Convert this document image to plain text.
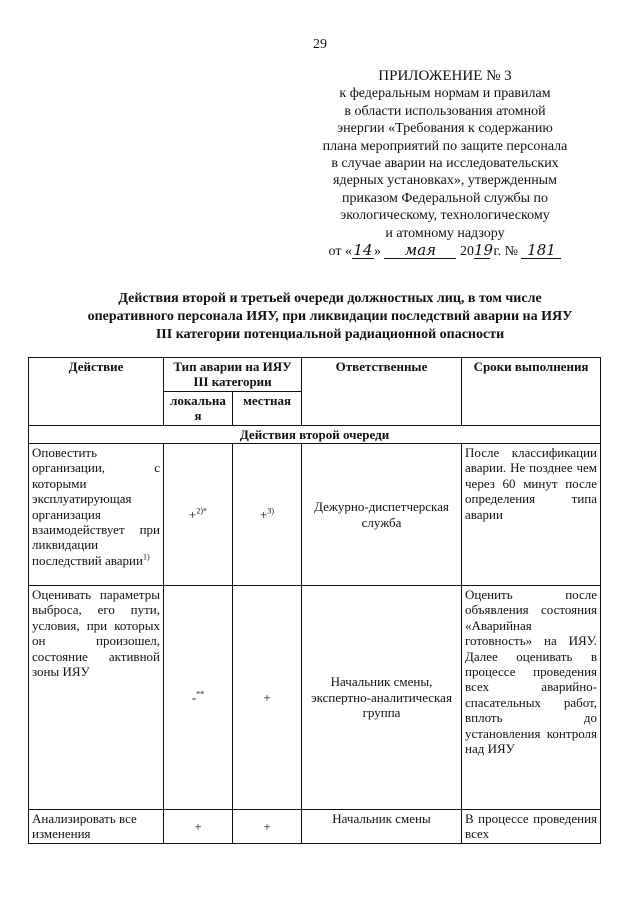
29
ПРИЛОЖЕНИЕ № 3
к федеральным нормам и правилам
в области использования атомной
энергии «Требования к содержанию
плана мероприятий по защите персонала
в случае аварии на исследовательских
ядерных установках», утвержденным
приказом Федеральной службы по
экологическому, технологическому
и атомному надзору
от «14» мая 2019 г. № 181
Действия второй и третьей очереди должностных лиц, в том числе
оперативного персонала ИЯУ, при ликвидации последствий аварии на ИЯУ
III категории потенциальной радиационной опасности
Действие	Тип аварии на ИЯУ III категории		Ответственные	Сроки выполнения
	локальная	местная		
Действия второй очереди				
Оповестить организации, с которыми эксплуатирующая организация взаимодействует при ликвидации последствий аварии$^{1)}$	+$^{2)*}$	+$^{3)}$	Дежурно-диспетчерская служба	После классификации аварии. Не позднее чем через 60 минут после определения типа аварии
Оценивать параметры выброса, его пути, условия, при которых он произошел, состояние активной зоны ИЯУ	-**	+	Начальник смены, экспертно-аналитическая группа	Оценить после объявления состояния «Аварийная готовность» на ИЯУ. Далее оценивать в процессе проведения всех аварийно-спасательных работ, вплоть до установления контроля над ИЯУ
Анализировать все изменения	+	+	Начальник смены	В процессе проведения всех
